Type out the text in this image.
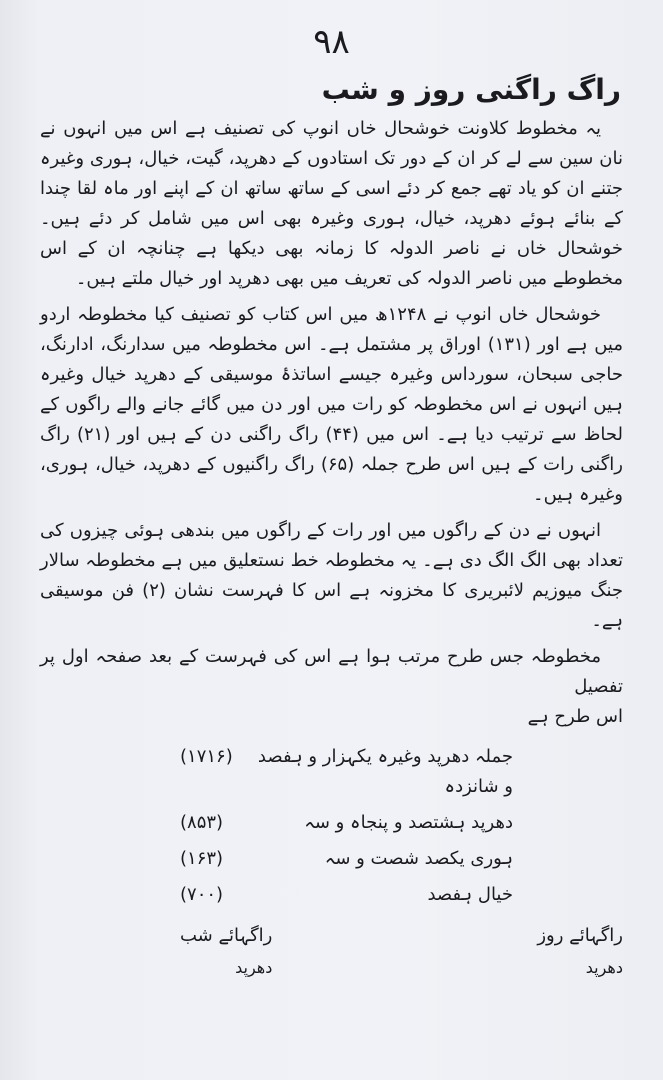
۹۸
راگ راگنی روز و شب

یہ مخطوط کلاونت خوشحال خاں انوپ کی تصنیف ہے اس میں انہوں نے نان سین سے لے کر ان کے دور تک استادوں کے دھرپد، گیت، خیال، ہوری وغیرہ جتنے ان کو یاد تھے جمع کر دئے اسی کے ساتھ ساتھ ان کے اپنے اور ماہ لقا چندا کے بنائے ہوئے دھرپد، خیال، ہوری وغیرہ بھی اس میں شامل کر دئے ہیں۔ خوشحال خاں نے ناصر الدولہ کا زمانہ بھی دیکھا ہے چنانچہ ان کے اس مخطوطے میں ناصر الدولہ کی تعریف میں بھی دھرپد اور خیال ملتے ہیں۔

خوشحال خاں انوپ نے ۱۲۴۸ھ میں اس کتاب کو تصنیف کیا مخطوطہ اردو میں ہے اور (۱۳۱) اوراق پر مشتمل ہے۔ اس مخطوطہ میں سدارنگ، ادارنگ، حاجی سبحان، سورداس وغیرہ جیسے اساتذۂ موسیقی کے دھرپد خیال وغیرہ ہیں انہوں نے اس مخطوطہ کو رات میں اور دن میں گائے جانے والے راگوں کے لحاظ سے ترتیب دیا ہے۔ اس میں (۴۴) راگ راگنی دن کے ہیں اور (۲۱) راگ راگنی رات کے ہیں اس طرح جملہ (۶۵) راگ راگنیوں کے دھرپد، خیال، ہوری، وغیرہ ہیں۔

انہوں نے دن کے راگوں میں اور رات کے راگوں میں بندھی ہوئی چیزوں کی تعداد بھی الگ الگ دی ہے۔ یہ مخطوطہ خط نستعلیق میں ہے مخطوطہ سالار جنگ میوزیم لائبریری کا مخزونہ ہے اس کا فہرست نشان (۲) فن موسیقی ہے۔

مخطوطہ جس طرح مرتب ہوا ہے اس کی فہرست کے بعد صفحہ اول پر تفصیل
اس طرح ہے

جملہ دھرپد وغیرہ یکہزار و ہفصد و شانزدہ
(۱۷۱۶)
دھرپد ہشتصد و پنجاہ و سہ
(۸۵۳)
ہوری یکصد شصت و سہ
(۱۶۳)
خیال ہفصد
(۷۰۰)
راگہائے روز
دھرپد
راگہائے شب
دھرپد
